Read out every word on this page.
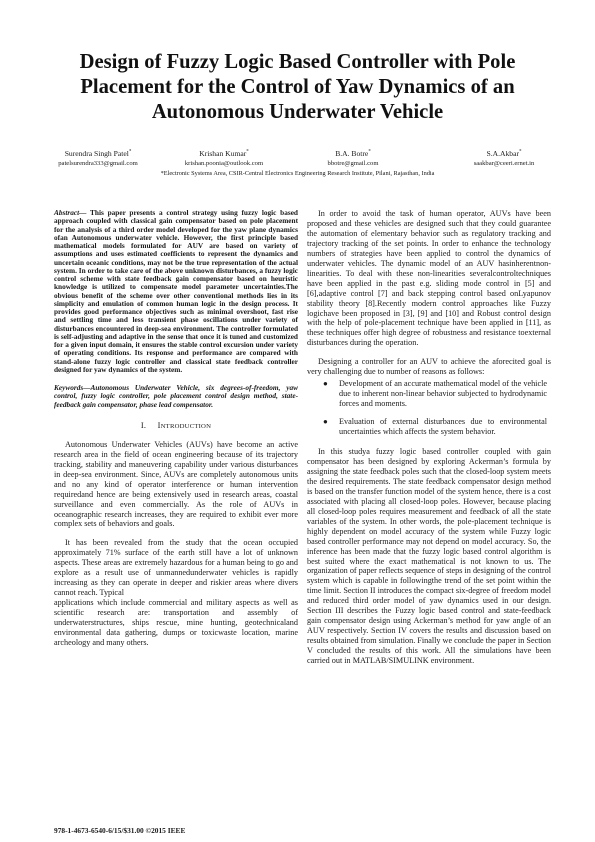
Design of Fuzzy Logic Based Controller with Pole Placement for the Control of Yaw Dynamics of an Autonomous Underwater Vehicle
Surendra Singh Patel*
patelsurendra333@gmail.com
Krishan Kumar*
krishan.poonia@outlook.com
B.A. Botre*
bbotre@gmail.com
S.A.Akbar*
saakbar@ceeri.ernet.in
*Electronic Systems Area, CSIR-Central Electronics Engineering Research Institute, Pilani, Rajasthan, India

Abstract— This paper presents a control strategy using fuzzy logic based approach coupled with classical gain compensator based on pole placement for the analysis of a third order model developed for the yaw plane dynamics ofan Autonomous underwater vehicle. However, the first principle based mathematical models formulated for AUV are based on variety of assumptions and uses estimated coefficients to represent the dynamics and uncertain oceanic conditions, may not be the true representation of the actual system. In order to take care of the above unknown disturbances, a fuzzy logic control scheme with state feedback gain compensator based on heuristic knowledge is utilized to compensate model parameter uncertainties.The obvious benefit of the scheme over other conventional methods lies in its simplicity and emulation of common human logic in the design process. It provides good performance objectives such as minimal overshoot, fast rise and settling time and less transient phase oscillations under variety of disturbances encountered in deep-sea environment. The controller formulated is self-adjusting and adaptive in the sense that once it is tuned and customized for a given input domain, it ensures the stable control excursion under variety of operating conditions. Its response and performance are compared with stand-alone fuzzy logic controller and classical state feedback controller designed for yaw dynamics of the system.

Keywords—Autonomous Underwater Vehicle, six degrees-of-freedom, yaw control, fuzzy logic controller, pole placement control design method, state-feedback gain compensator, phase lead compensator.

I. INTRODUCTION

Autonomous Underwater Vehicles (AUVs) have become an active research area in the field of ocean engineering because of its trajectory tracking, stability and maneuvering capability under various disturbances in deep-sea environment. Since, AUVs are completely autonomous units and no any kind of operator interference or human intervention requiredand hence are being extensively used in research areas, coastal surveillance and even commercially. As the role of AUVs in oceanographic research increases, they are required to exhibit ever more complex sets of behaviors and goals.

It has been revealed from the study that the ocean occupied approximately 71% surface of the earth still have a lot of unknown aspects. These areas are extremely hazardous for a human being to go and explore as a result use of unmannedunderwater vehicles is rapidly increasing as they can operate in deeper and riskier areas where divers cannot reach. Typical

applications which include commercial and military aspects as well as scientific research are: transportation and assembly of underwaterstructures, ships rescue, mine hunting, geotechnicaland environmental data gathering, dumps or toxicwaste location, marine archeology and many others.

In order to avoid the task of human operator, AUVs have been proposed and these vehicles are designed such that they could guarantee the automation of elementary behavior such as regulatory tracking and trajectory tracking of the set points. In order to enhance the technology numbers of strategies have been applied to control the dynamics of underwater vehicles. The dynamic model of an AUV hasinherentnon-linearities. To deal with these non-linearities severalcontroltechniques have been applied in the past e.g. sliding mode control in [5] and [6],adaptive control [7] and back stepping control based onLyapunov stability theory [8].Recently modern control approaches like Fuzzy logichave been proposed in [3], [9] and [10] and Robust control design with the help of pole-placement technique have been applied in [11], as these techniques offer high degree of robustness and resistance toexternal disturbances during the operation.

Designing a controller for an AUV to achieve the aforecited goal is very challenging due to number of reasons as follows:

● Development of an accurate mathematical model of the vehicle due to inherent non-linear behavior subjected to hydrodynamic forces and moments.
● Evaluation of external disturbances due to environmental uncertainties which affects the system behavior.

In this studya fuzzy logic based controller coupled with gain compensator has been designed by exploring Ackerman’s formula by assigning the state feedback poles such that the closed-loop system meets the desired requirements. The state feedback compensator design method is based on the transfer function model of the system hence, there is a cost associated with placing all closed-loop poles. However, because placing all closed-loop poles requires measurement and feedback of all the state variables of the system. In other words, the pole-placement technique is highly dependent on model accuracy of the system while Fuzzy logic based controller performance may not depend on model accuracy. So, the inference has been made that the fuzzy logic based control algorithm is best suited where the exact mathematical is not known to us. The organization of paper reflects sequence of steps in designing of the control system which is capable in followingthe trend of the set point within the time limit. Section II introduces the compact six-degree of freedom model and reduced third order model of yaw dynamics used in our design. Section III describes the Fuzzy logic based control and state-feedback gain compensator design using Ackerman’s method for yaw angle of an AUV respectively. Section IV covers the results and discussion based on results obtained from simulation. Finally we conclude the paper in Section V concluded the results of this work. All the simulations have been carried out in MATLAB/SIMULINK environment.

978-1-4673-6540-6/15/$31.00 ©2015 IEEE
